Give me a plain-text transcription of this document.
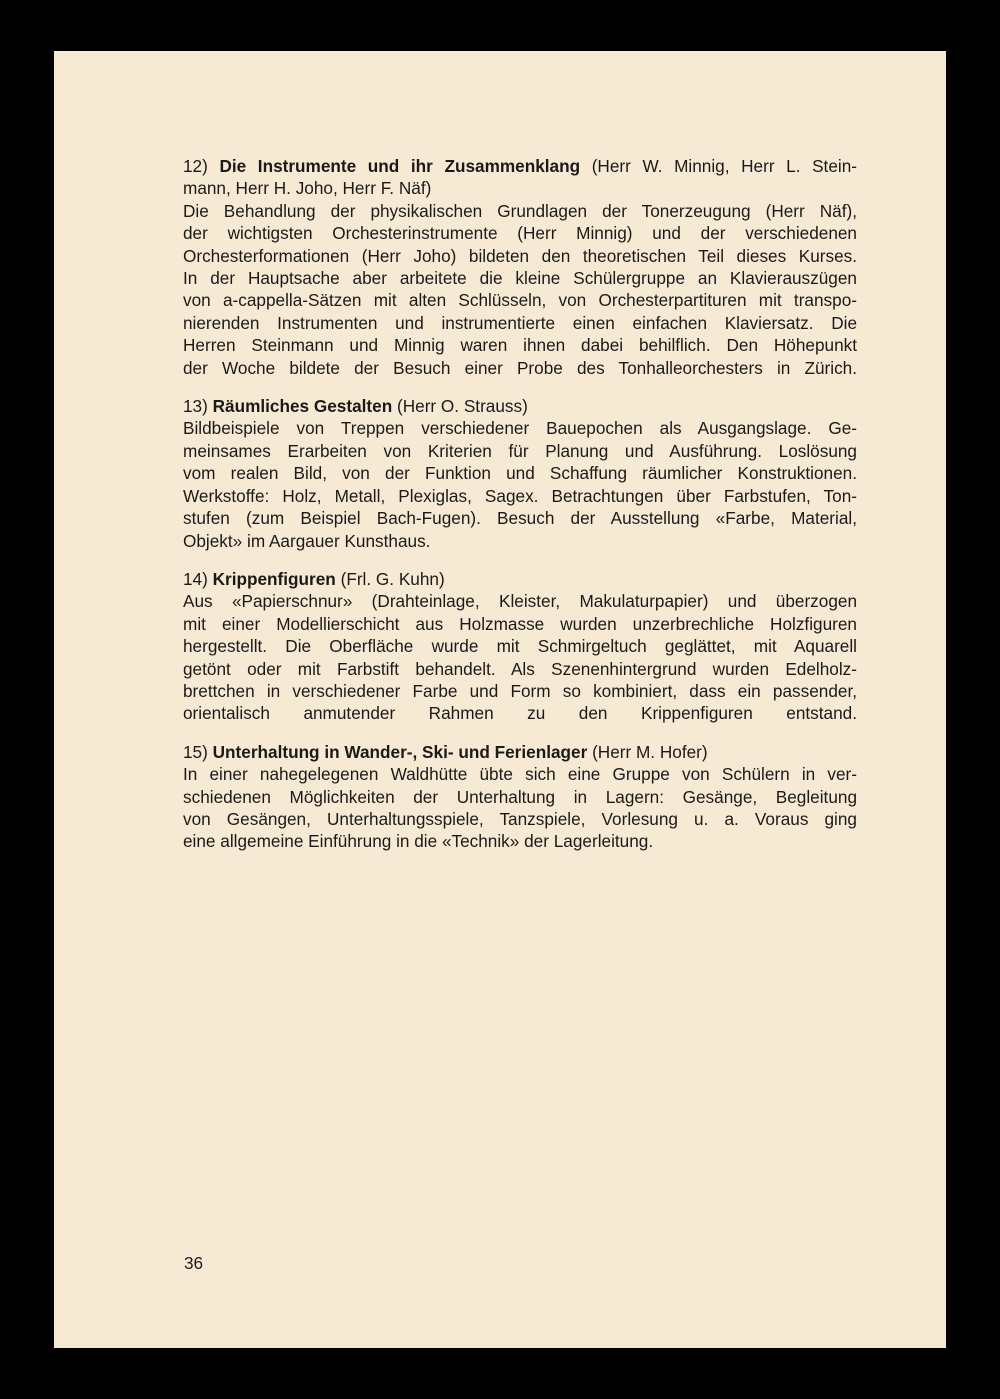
12) Die Instrumente und ihr Zusammenklang (Herr W. Minnig, Herr L. Stein-
mann, Herr H. Joho, Herr F. Näf)
Die Behandlung der physikalischen Grundlagen der Tonerzeugung (Herr Näf),
der wichtigsten Orchesterinstrumente (Herr Minnig) und der verschiedenen
Orchesterformationen (Herr Joho) bildeten den theoretischen Teil dieses Kurses.
In der Hauptsache aber arbeitete die kleine Schülergruppe an Klavierauszügen
von a-cappella-Sätzen mit alten Schlüsseln, von Orchesterpartituren mit transpo-
nierenden Instrumenten und instrumentierte einen einfachen Klaviersatz. Die
Herren Steinmann und Minnig waren ihnen dabei behilflich. Den Höhepunkt
der Woche bildete der Besuch einer Probe des Tonhalleorchesters in Zürich.
13) Räumliches Gestalten (Herr O. Strauss)
Bildbeispiele von Treppen verschiedener Bauepochen als Ausgangslage. Ge-
meinsames Erarbeiten von Kriterien für Planung und Ausführung. Loslösung
vom realen Bild, von der Funktion und Schaffung räumlicher Konstruktionen.
Werkstoffe: Holz, Metall, Plexiglas, Sagex. Betrachtungen über Farbstufen, Ton-
stufen (zum Beispiel Bach-Fugen). Besuch der Ausstellung «Farbe, Material,
Objekt» im Aargauer Kunsthaus.
14) Krippenfiguren (Frl. G. Kuhn)
Aus «Papierschnur» (Drahteinlage, Kleister, Makulaturpapier) und überzogen
mit einer Modellierschicht aus Holzmasse wurden unzerbrechliche Holzfiguren
hergestellt. Die Oberfläche wurde mit Schmirgeltuch geglättet, mit Aquarell
getönt oder mit Farbstift behandelt. Als Szenenhintergrund wurden Edelholz-
brettchen in verschiedener Farbe und Form so kombiniert, dass ein passender,
orientalisch anmutender Rahmen zu den Krippenfiguren entstand.
15) Unterhaltung in Wander-, Ski- und Ferienlager (Herr M. Hofer)
In einer nahegelegenen Waldhütte übte sich eine Gruppe von Schülern in ver-
schiedenen Möglichkeiten der Unterhaltung in Lagern: Gesänge, Begleitung
von Gesängen, Unterhaltungsspiele, Tanzspiele, Vorlesung u. a. Voraus ging
eine allgemeine Einführung in die «Technik» der Lagerleitung.
36
